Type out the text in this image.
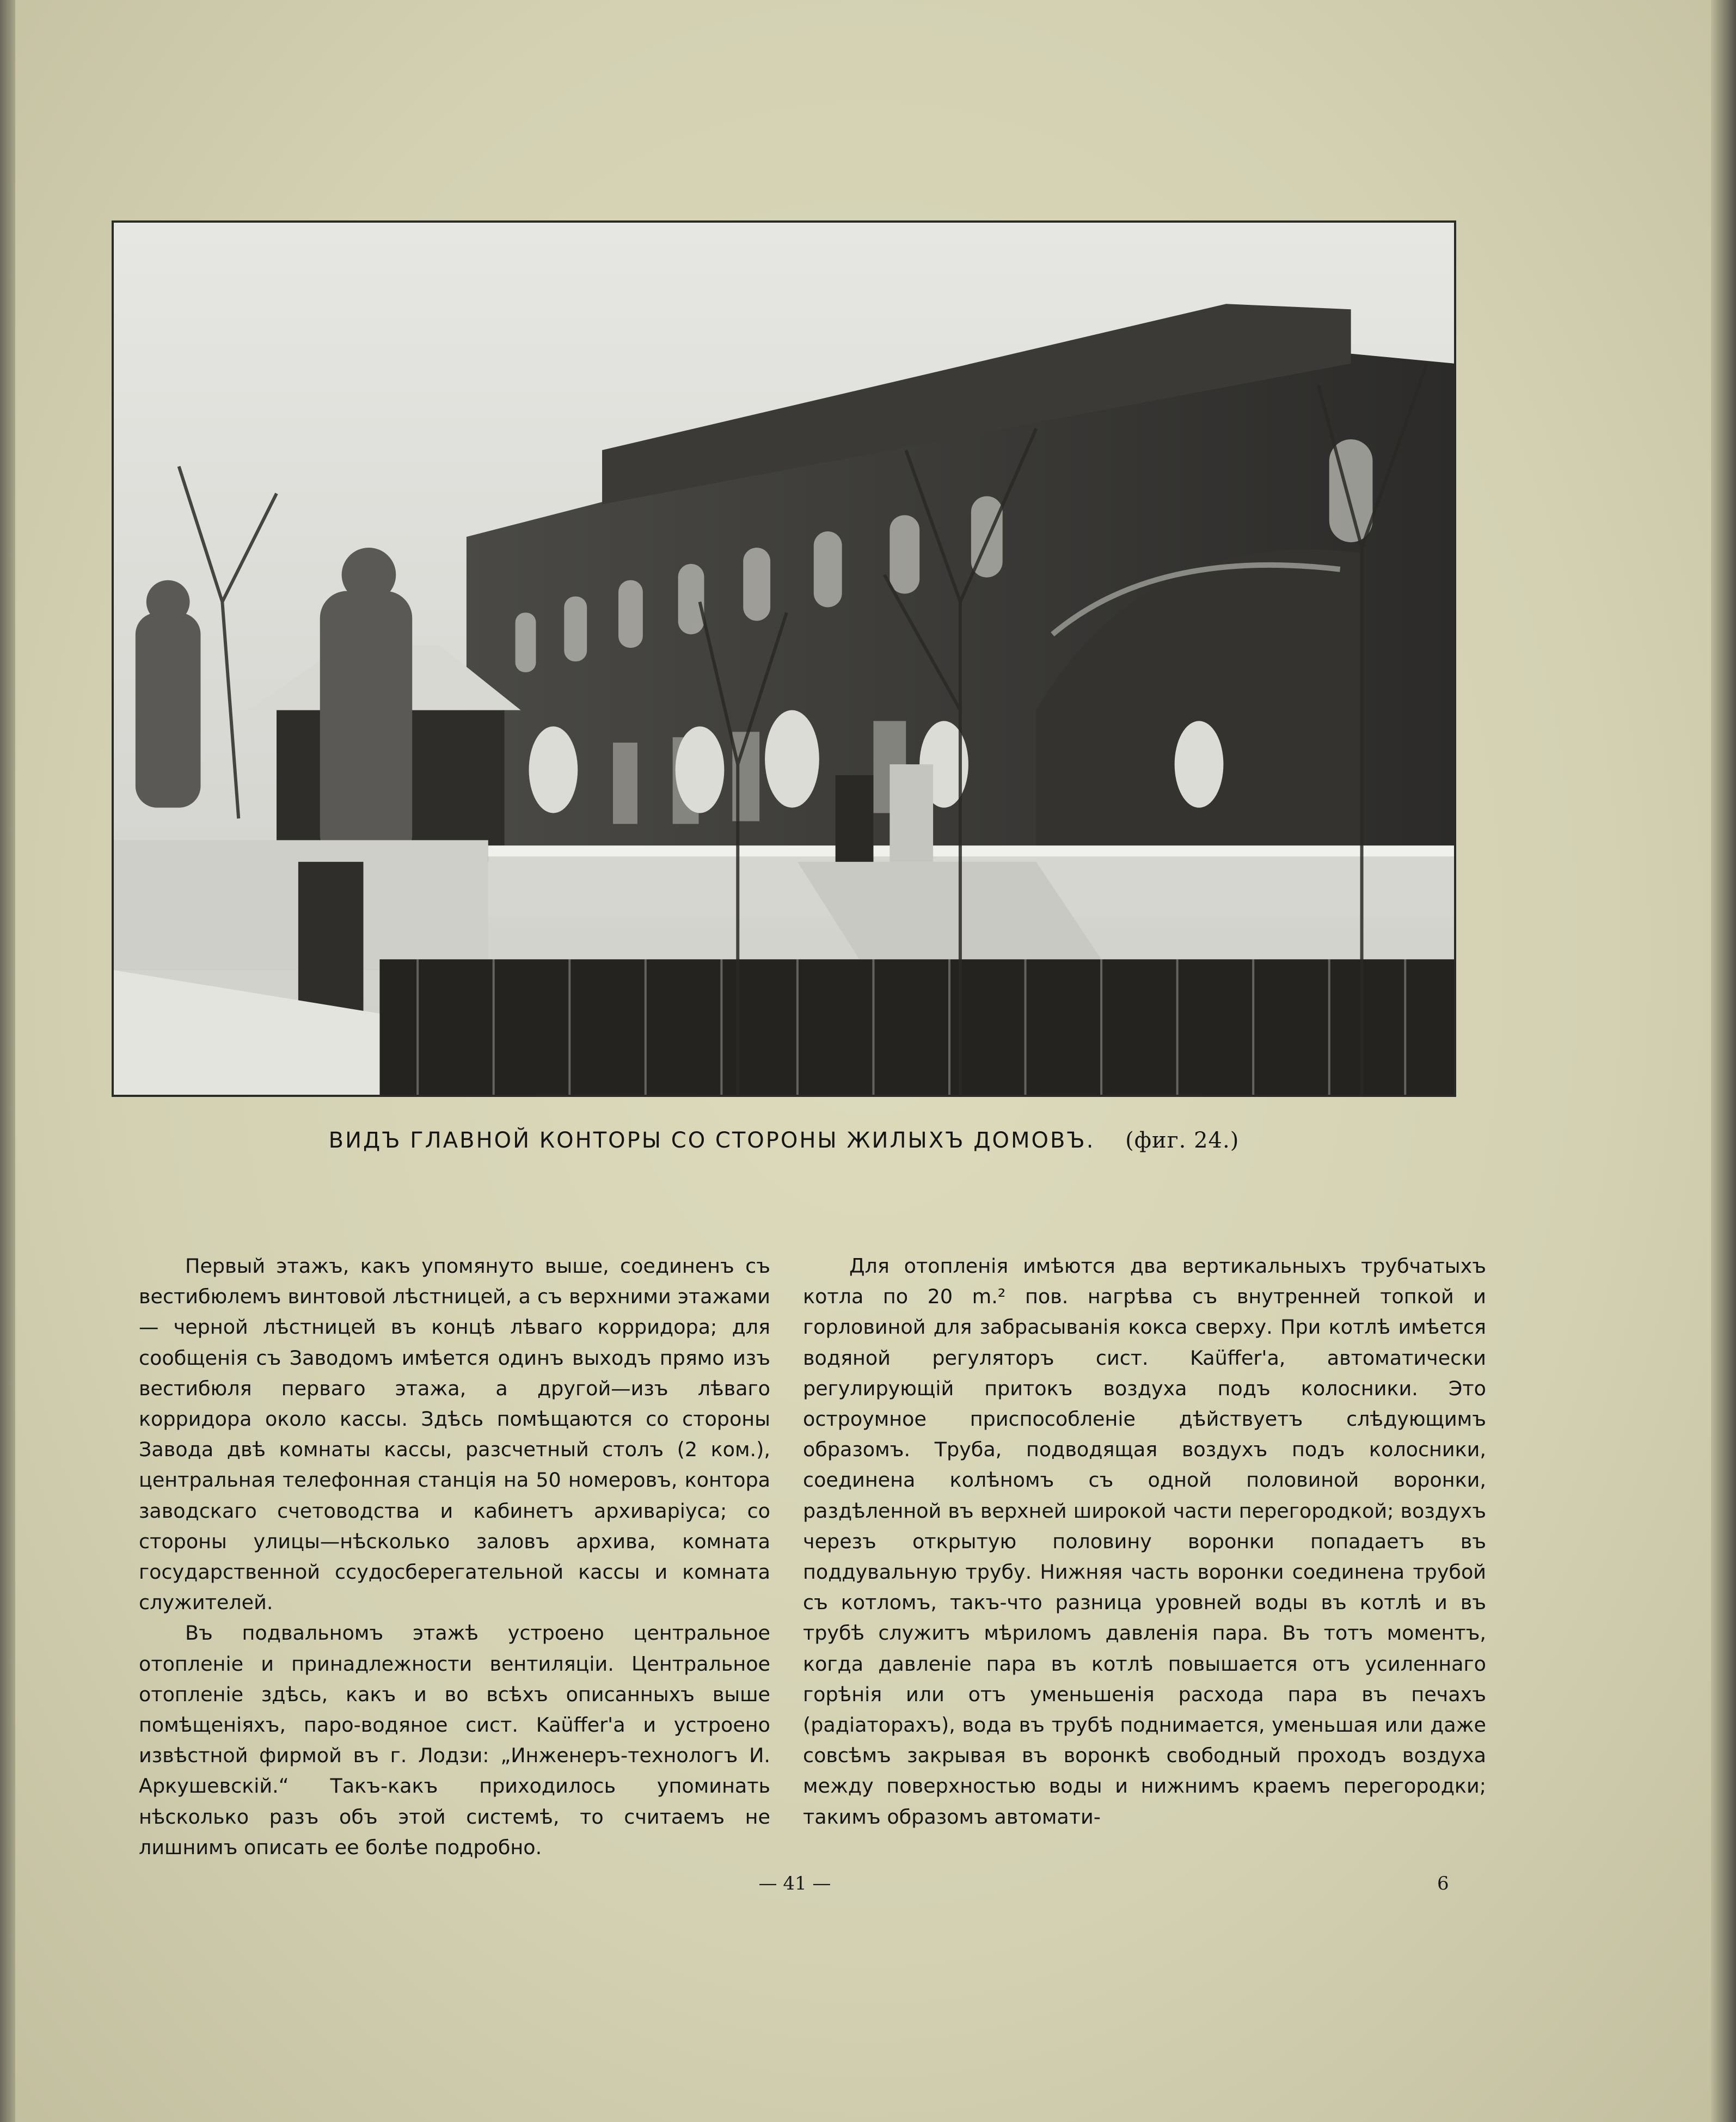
ВИДЪ ГЛАВНОЙ КОНТОРЫ СО СТОРОНЫ ЖИЛЫХЪ ДОМОВЪ. (фиг. 24.)

Первый этажъ, какъ упомянуто выше, соединенъ съ вестибюлемъ винтовой лѣстницей, а съ верхними этажами — черной лѣстницей въ концѣ лѣваго корридора; для сообщенія съ Заводомъ имѣется одинъ выходъ прямо изъ вестибюля перваго этажа, а другой—изъ лѣваго корридора около кассы. Здѣсь помѣщаются со стороны Завода двѣ комнаты кассы, разсчетный столъ (2 ком.), центральная телефонная станція на 50 номеровъ, контора заводскаго счетоводства и кабинетъ архиваріуса; со стороны улицы—нѣсколько заловъ архива, комната государственной ссудосберегательной кассы и комната служителей.

Въ подвальномъ этажѣ устроено центральное отопленіе и принадлежности вентиляціи. Центральное отопленіе здѣсь, какъ и во всѣхъ описанныхъ выше помѣщеніяхъ, паро-водяное сист. Kaüffer'а и устроено извѣстной фирмой въ г. Лодзи: „Инженеръ-технологъ И. Аркушевскій.“ Такъ-какъ приходилось упоминать нѣсколько разъ объ этой системѣ, то считаемъ не лишнимъ описать ее болѣе подробно.

Для отопленія имѣются два вертикальныхъ трубчатыхъ котла по 20 m.² пов. нагрѣва съ внутренней топкой и горловиной для забрасыванія кокса сверху. При котлѣ имѣется водяной регуляторъ сист. Kaüffer'а, автоматически регулирующій притокъ воздуха подъ колосники. Это остроумное приспособленіе дѣйствуетъ слѣдующимъ образомъ. Труба, подводящая воздухъ подъ колосники, соединена колѣномъ съ одной половиной воронки, раздѣленной въ верхней широкой части перегородкой; воздухъ черезъ открытую половину воронки попадаетъ въ поддувальную трубу. Нижняя часть воронки соединена трубой съ котломъ, такъ-что разница уровней воды въ котлѣ и въ трубѣ служитъ мѣриломъ давленія пара. Въ тотъ моментъ, когда давленіе пара въ котлѣ повышается отъ усиленнаго горѣнія или отъ уменьшенія расхода пара въ печахъ (радіаторахъ), вода въ трубѣ поднимается, уменьшая или даже совсѣмъ закрывая въ воронкѣ свободный проходъ воздуха между поверхностью воды и нижнимъ краемъ перегородки; такимъ образомъ автомати-

— 41 —	6
